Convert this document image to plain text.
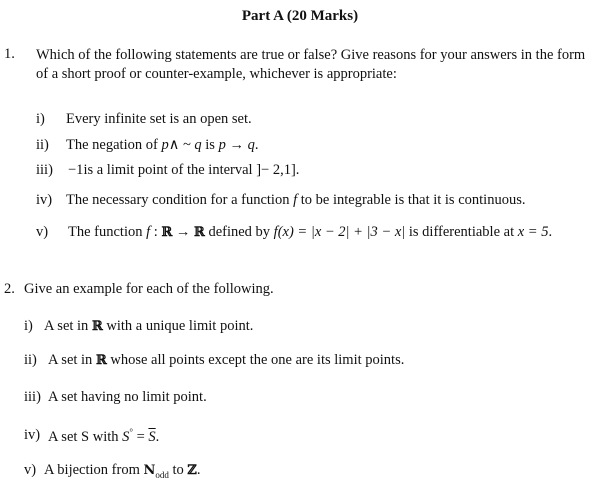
Part A (20 Marks)
1. Which of the following statements are true or false? Give reasons for your answers in the form of a short proof or counter-example, whichever is appropriate:
i) Every infinite set is an open set.
ii) The negation of p∧ ~ q is p → q.
iii) −1is a limit point of the interval ]− 2,1].
iv) The necessary condition for a function f to be integrable is that it is continuous.
v) The function f : ℝ → ℝ defined by f(x) = |x − 2| + |3 − x| is differentiable at x = 5.
2. Give an example for each of the following.
i) A set in ℝ with a unique limit point.
ii) A set in ℝ whose all points except the one are its limit points.
iii) A set having no limit point.
iv) A set S with $S^\circ = \overline{S}$.
v) A bijection from $N_{odd}$ to ℤ.
